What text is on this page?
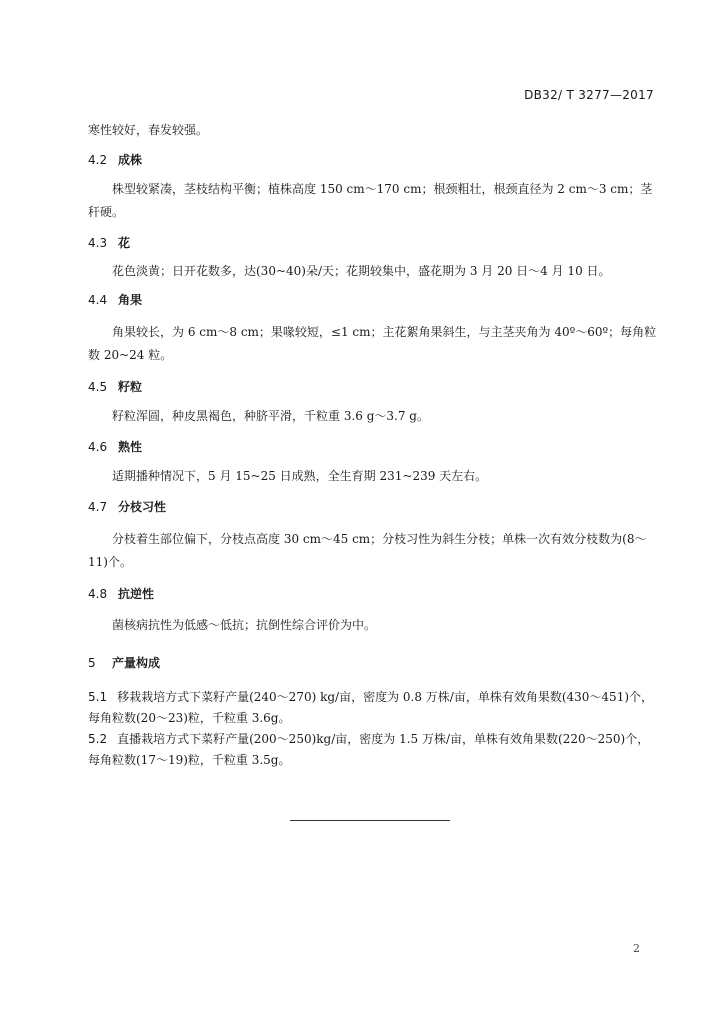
DB32/ T 3277—2017
寒性较好，春发较强。
4.2 成株
株型较紧凑，茎枝结构平衡；植株高度 150 cm～170 cm；根颈粗壮，根颈直径为 2 cm～3 cm；茎秆硬。
4.3 花
花色淡黄；日开花数多，达(30~40)朵/天；花期较集中，盛花期为 3 月 20 日～4 月 10 日。
4.4 角果
角果较长，为 6 cm～8 cm；果喙较短，≤1 cm；主花絮角果斜生，与主茎夹角为 40º～60º；每角粒数 20~24 粒。
4.5 籽粒
籽粒浑圆，种皮黑褐色，种脐平滑，千粒重 3.6 g～3.7 g。
4.6 熟性
适期播种情况下，5 月 15~25 日成熟，全生育期 231~239 天左右。
4.7 分枝习性
分枝着生部位偏下，分枝点高度 30 cm～45 cm；分枝习性为斜生分枝；单株一次有效分枝数为(8～11)个。
4.8 抗逆性
菌核病抗性为低感～低抗；抗倒性综合评价为中。
5 产量构成
5.1 移栽栽培方式下菜籽产量(240～270) kg/亩，密度为 0.8 万株/亩，单株有效角果数(430～451)个，每角粒数(20～23)粒，千粒重 3.6g。
5.2 直播栽培方式下菜籽产量(200～250)kg/亩，密度为 1.5 万株/亩，单株有效角果数(220～250)个，每角粒数(17～19)粒，千粒重 3.5g。
2
